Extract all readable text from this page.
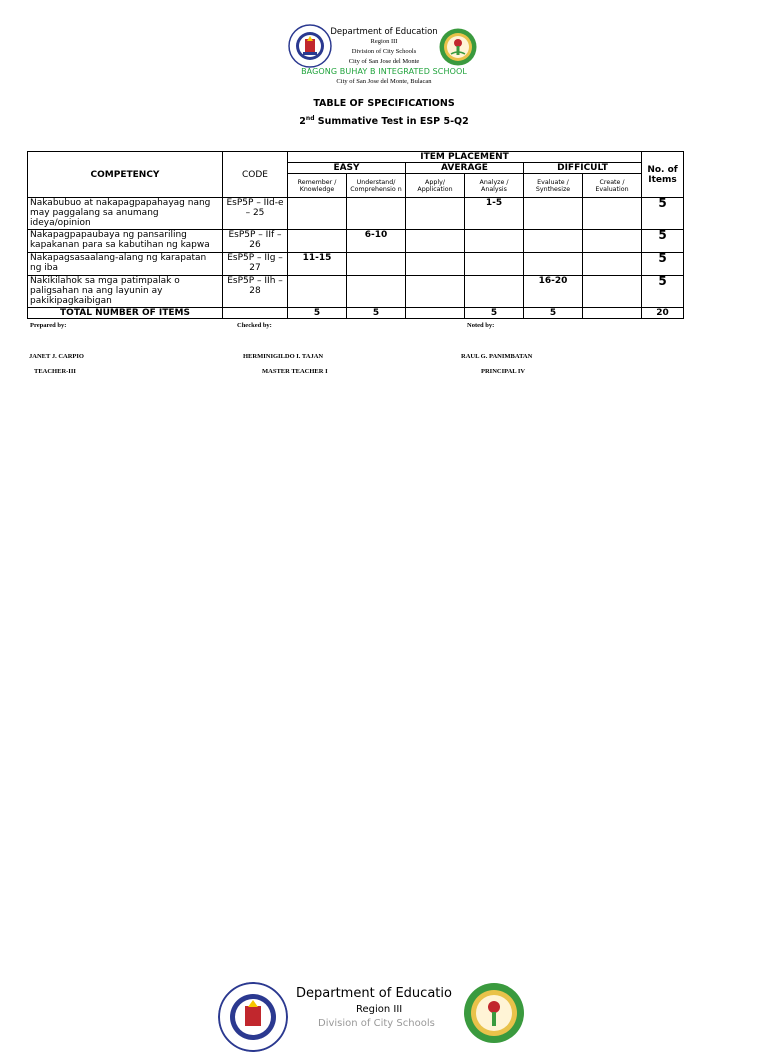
Department of Education
Region III
Division of City Schools
City of San Jose del Monte
BAGONG BUHAY B INTEGRATED SCHOOL
City of San Jose del Monte, Bulacan
TABLE OF SPECIFICATIONS
2nd Summative Test in ESP 5-Q2
COMPETENCY	CODE	ITEM PLACEMENT						No. of Items
		EASY		AVERAGE		DIFFICULT		
		Remember / Knowledge	Understand/ Comprehensio n	Apply/ Application	Analyze / Analysis	Evaluate / Synthesize	Create / Evaluation	
Nakabubuo at nakapagpapahayag nang may paggalang sa anumang ideya/opinion	EsP5P – IId-e – 25				1-5			5
Nakapagpapaubaya ng pansariling kapakanan para sa kabutihan ng kapwa	EsP5P – IIf – 26		6-10					5
Nakapagsasaalang-alang ng karapatan ng iba	EsP5P – IIg – 27	11-15						5
Nakikilahok sa mga patimpalak o paligsahan na ang layunin ay pakikipagkaibigan	EsP5P – IIh – 28					16-20		5
TOTAL NUMBER OF ITEMS		5	5		5	5		20
Prepared by:	Checked by:	Noted by:
JANET J. CARPIO	HERMINIGILDO I. TAJAN	RAUL G. PANIMBATAN
TEACHER-III	MASTER TEACHER I	PRINCIPAL IV
Department of Educatio
Region III
Division of City Schools
